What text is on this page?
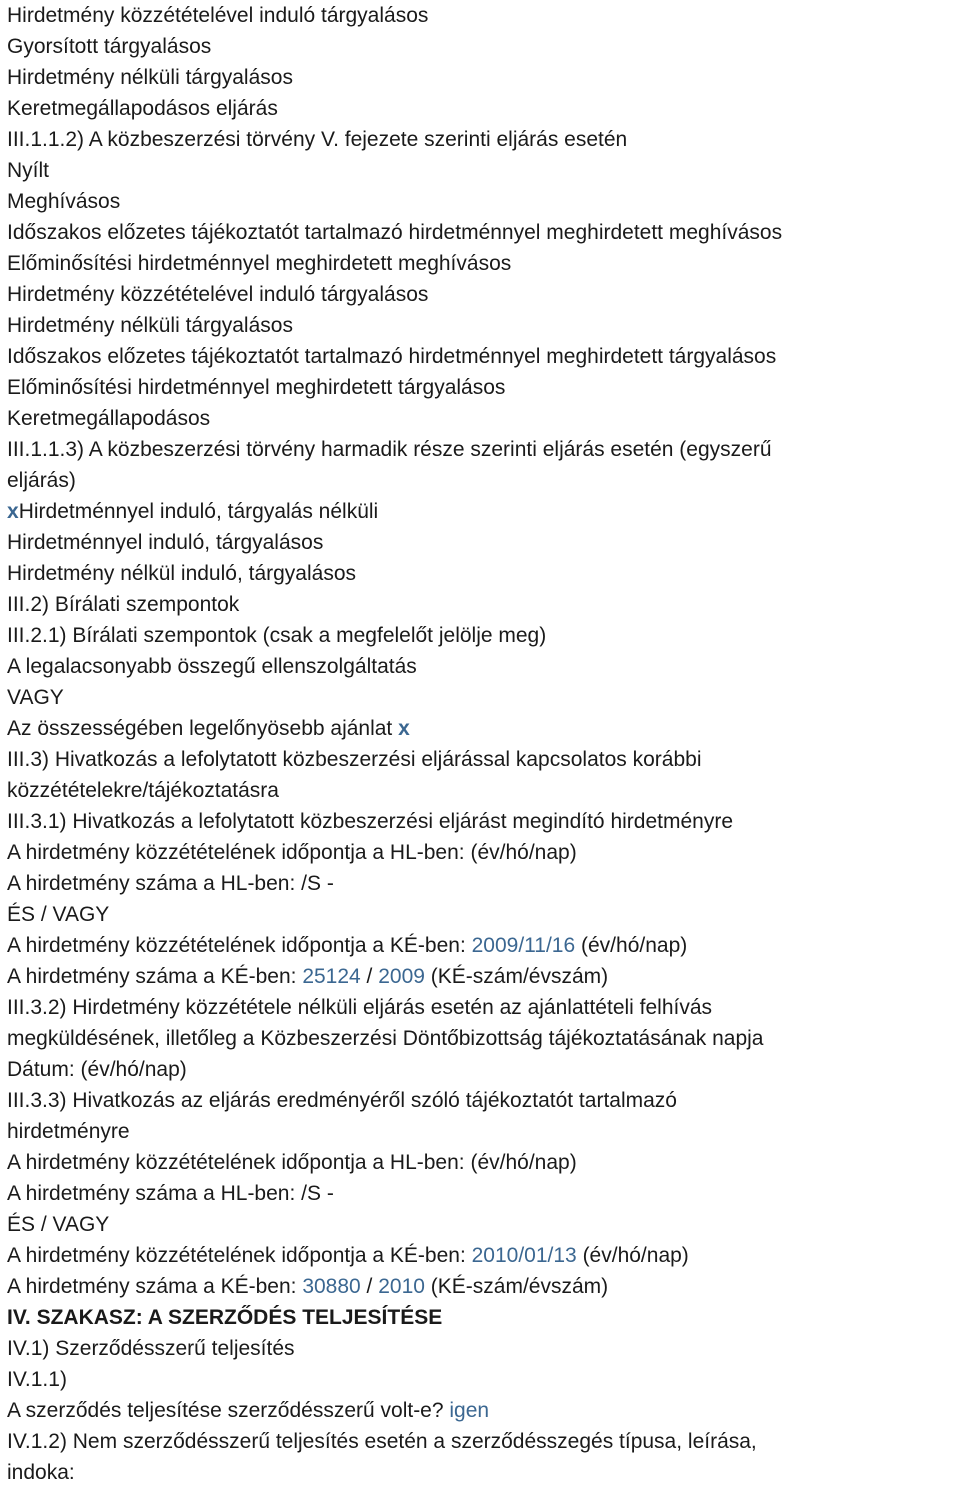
Hirdetmény közzétételével induló tárgyalásos
Gyorsított tárgyalásos
Hirdetmény nélküli tárgyalásos
Keretmegállapodásos eljárás
III.1.1.2) A közbeszerzési törvény V. fejezete szerinti eljárás esetén
Nyílt
Meghívásos
Időszakos előzetes tájékoztatót tartalmazó hirdetménnyel meghirdetett meghívásos
Előminősítési hirdetménnyel meghirdetett meghívásos
Hirdetmény közzétételével induló tárgyalásos
Hirdetmény nélküli tárgyalásos
Időszakos előzetes tájékoztatót tartalmazó hirdetménnyel meghirdetett tárgyalásos
Előminősítési hirdetménnyel meghirdetett tárgyalásos
Keretmegállapodásos
III.1.1.3) A közbeszerzési törvény harmadik része szerinti eljárás esetén (egyszerű
eljárás)
xHirdetménnyel induló, tárgyalás nélküli
Hirdetménnyel induló, tárgyalásos
Hirdetmény nélkül induló, tárgyalásos
III.2) Bírálati szempontok
III.2.1) Bírálati szempontok (csak a megfelelőt jelölje meg)
A legalacsonyabb összegű ellenszolgáltatás
VAGY
Az összességében legelőnyösebb ajánlat x
III.3) Hivatkozás a lefolytatott közbeszerzési eljárással kapcsolatos korábbi
közzétételekre/tájékoztatásra
III.3.1) Hivatkozás a lefolytatott közbeszerzési eljárást megindító hirdetményre
A hirdetmény közzétételének időpontja a HL-ben: (év/hó/nap)
A hirdetmény száma a HL-ben: /S -
ÉS / VAGY
A hirdetmény közzétételének időpontja a KÉ-ben: 2009/11/16 (év/hó/nap)
A hirdetmény száma a KÉ-ben: 25124 / 2009 (KÉ-szám/évszám)
III.3.2) Hirdetmény közzététele nélküli eljárás esetén az ajánlattételi felhívás
megküldésének, illetőleg a Közbeszerzési Döntőbizottság tájékoztatásának napja
Dátum: (év/hó/nap)
III.3.3) Hivatkozás az eljárás eredményéről szóló tájékoztatót tartalmazó
hirdetményre
A hirdetmény közzétételének időpontja a HL-ben: (év/hó/nap)
A hirdetmény száma a HL-ben: /S -
ÉS / VAGY
A hirdetmény közzétételének időpontja a KÉ-ben: 2010/01/13 (év/hó/nap)
A hirdetmény száma a KÉ-ben: 30880 / 2010 (KÉ-szám/évszám)
IV. SZAKASZ: A SZERZŐDÉS TELJESÍTÉSE
IV.1) Szerződésszerű teljesítés
IV.1.1)
A szerződés teljesítése szerződésszerű volt-e? igen
IV.1.2) Nem szerződésszerű teljesítés esetén a szerződésszegés típusa, leírása,
indoka:
